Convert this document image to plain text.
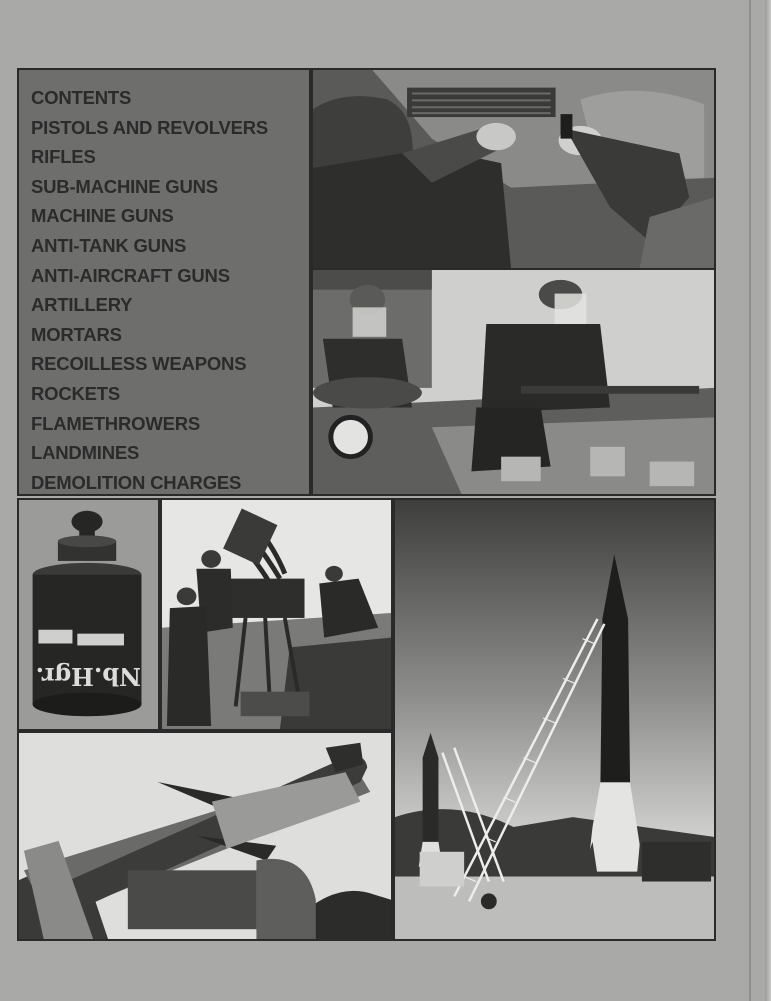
CONTENTS
PISTOLS AND REVOLVERS
RIFLES
SUB-MACHINE GUNS
MACHINE GUNS
ANTI-TANK GUNS
ANTI-AIRCRAFT GUNS
ARTILLERY
MORTARS
RECOILLESS WEAPONS
ROCKETS
FLAMETHROWERS
LANDMINES
DEMOLITION CHARGES
Nb.Hgr.
